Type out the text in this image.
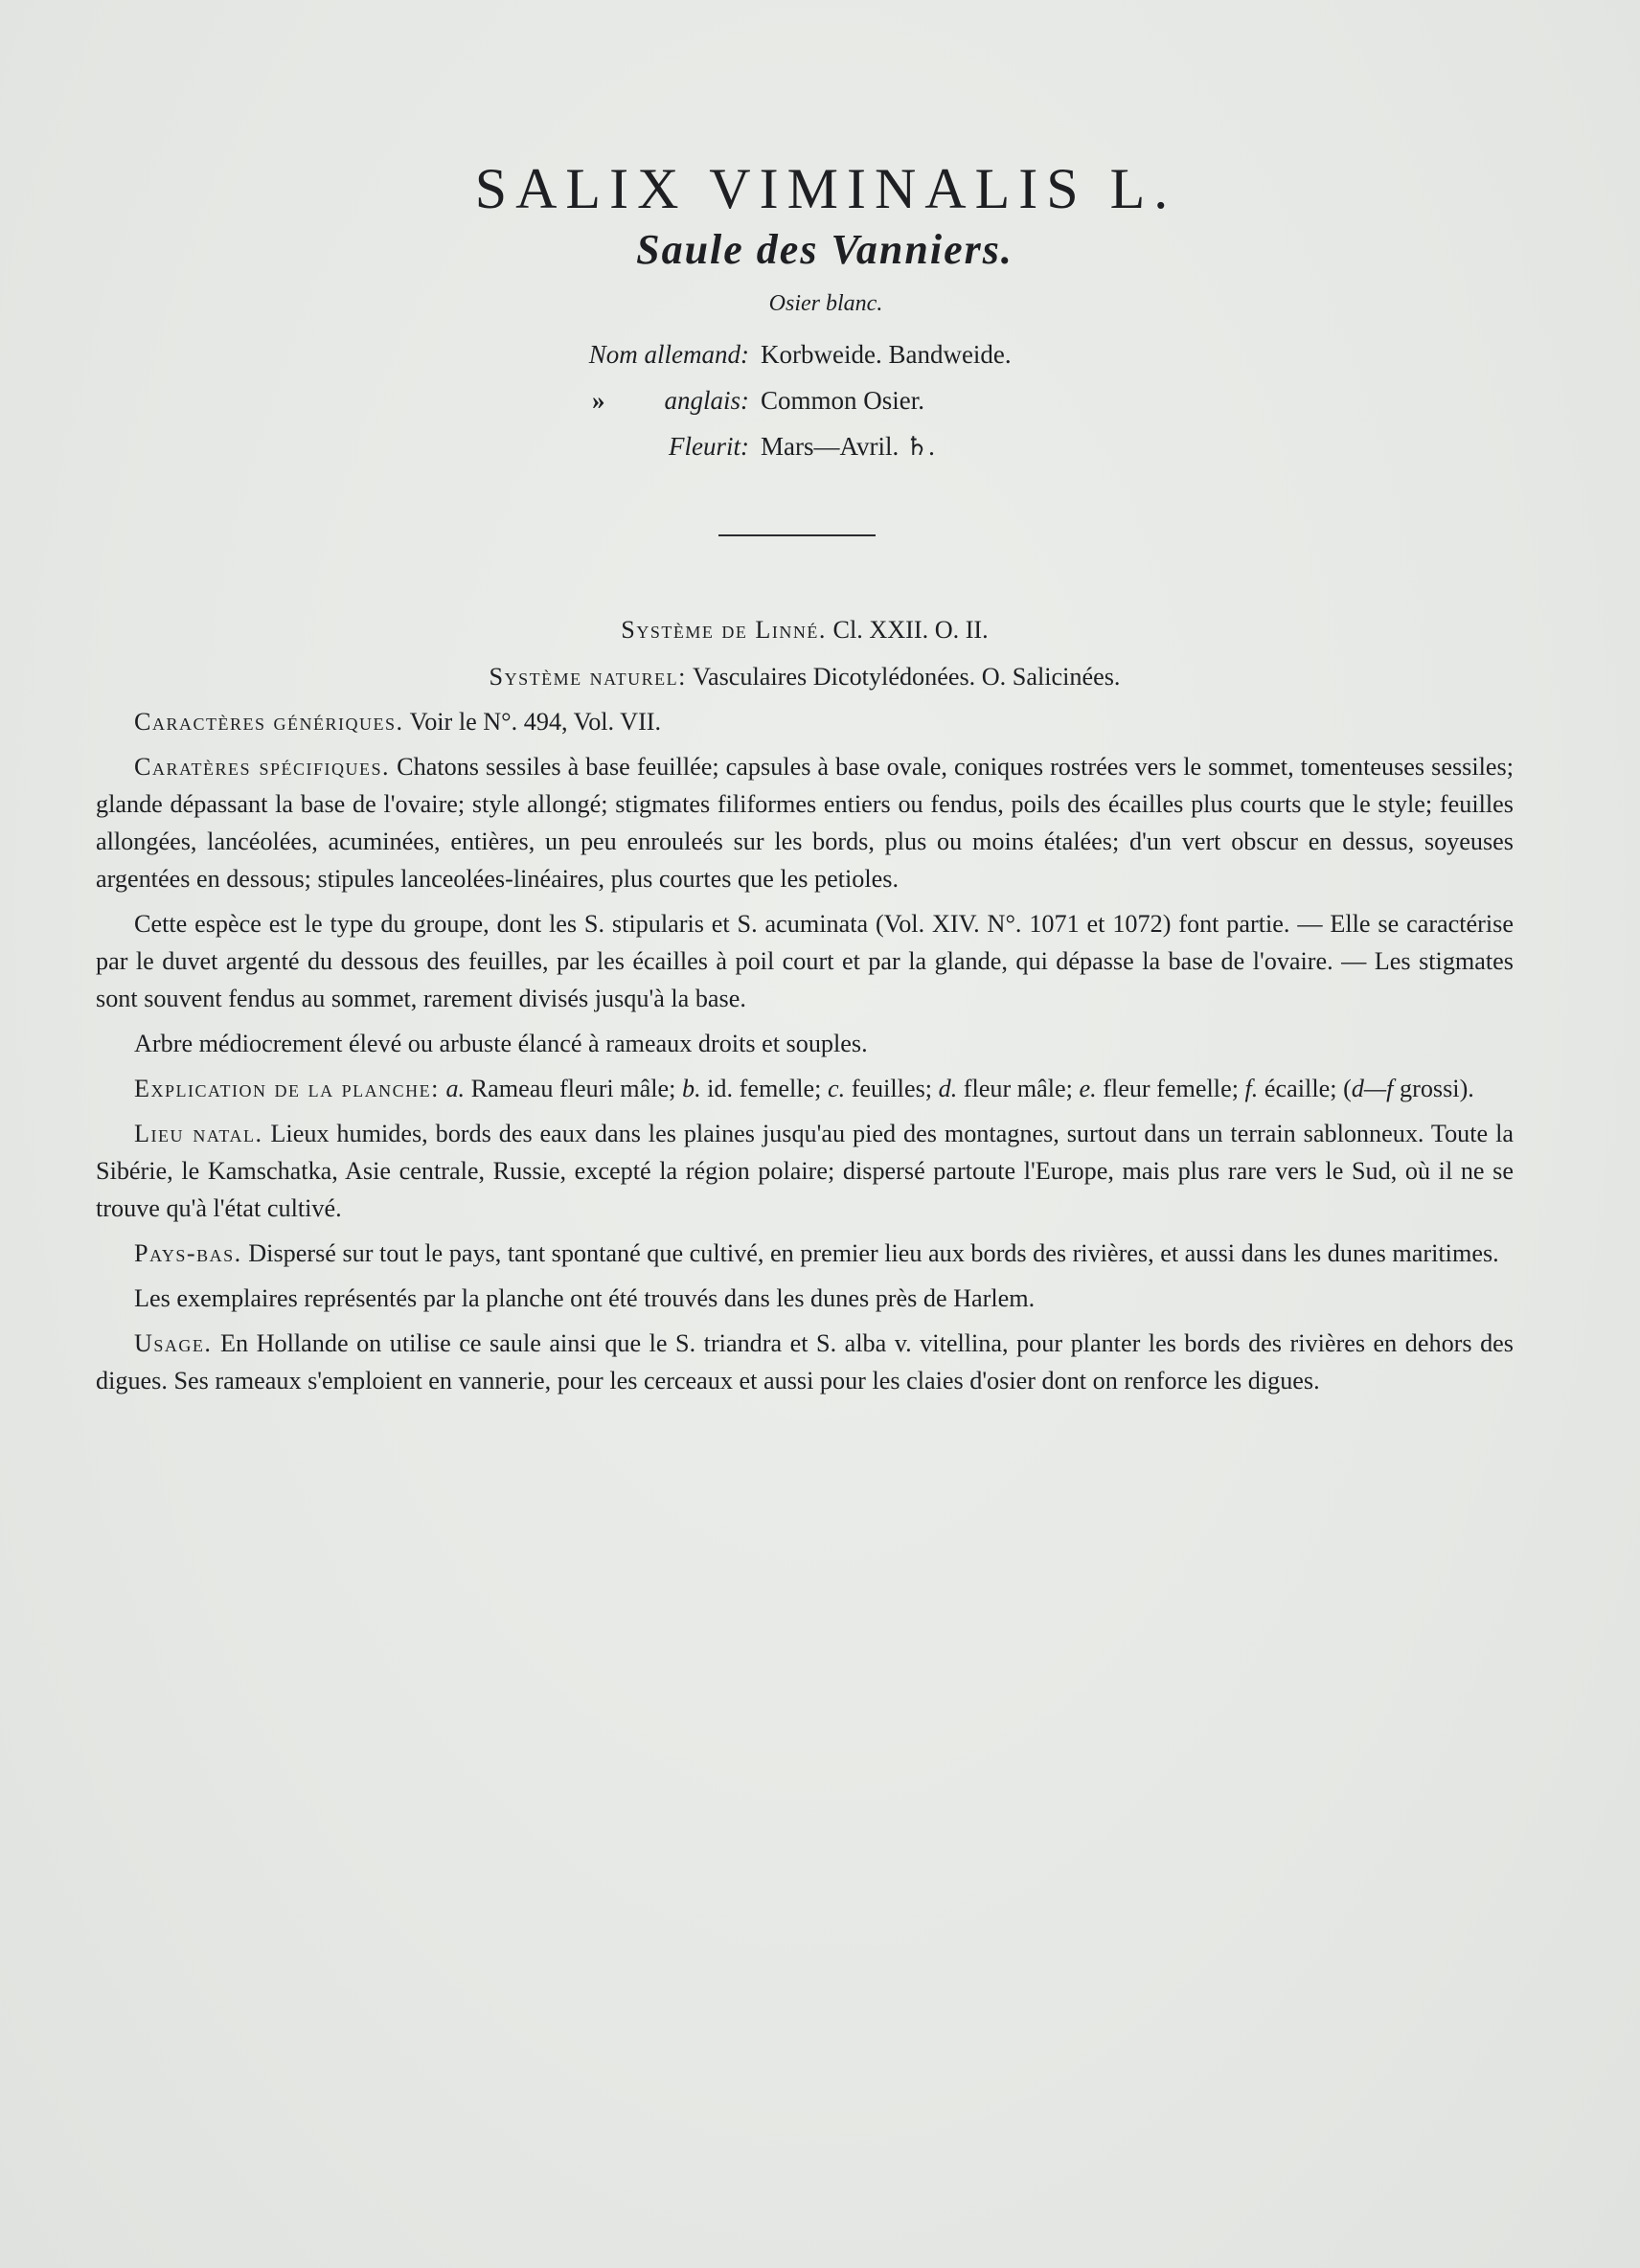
SALIX VIMINALIS L.
Saule des Vanniers.
Osier blanc.
Nom allemand: Korbweide. Bandweide.
» anglais: Common Osier.
Fleurit: Mars—Avril. ♄.
Système de Linné. Cl. XXII. O. II.
Système naturel: Vasculaires Dicotylédonées. O. Salicinées.

Caractères génériques. Voir le N°. 494, Vol. VII.

Caratères spécifiques. Chatons sessiles à base feuillée; capsules à base ovale, coniques rostrées vers le sommet, tomenteuses sessiles; glande dépassant la base de l'ovaire; style allongé; stigmates filiformes entiers ou fendus, poils des écailles plus courts que le style; feuilles allongées, lancéolées, acuminées, entières, un peu enrouleés sur les bords, plus ou moins étalées; d'un vert obscur en dessus, soyeuses argentées en dessous; stipules lanceolées-linéaires, plus courtes que les petioles.

Cette espèce est le type du groupe, dont les S. stipularis et S. acuminata (Vol. XIV. N°. 1071 et 1072) font partie. — Elle se caractérise par le duvet argenté du dessous des feuilles, par les écailles à poil court et par la glande, qui dépasse la base de l'ovaire. — Les stigmates sont souvent fendus au sommet, rarement divisés jusqu'à la base.

Arbre médiocrement élevé ou arbuste élancé à rameaux droits et souples.

Explication de la planche: a. Rameau fleuri mâle; b. id. femelle; c. feuilles; d. fleur mâle; e. fleur femelle; f. écaille; (d—f grossi).

Lieu natal. Lieux humides, bords des eaux dans les plaines jusqu'au pied des montagnes, surtout dans un terrain sablonneux. Toute la Sibérie, le Kamschatka, Asie centrale, Russie, excepté la région polaire; dispersé partoute l'Europe, mais plus rare vers le Sud, où il ne se trouve qu'à l'état cultivé.

Pays-bas. Dispersé sur tout le pays, tant spontané que cultivé, en premier lieu aux bords des rivières, et aussi dans les dunes maritimes.

Les exemplaires représentés par la planche ont été trouvés dans les dunes près de Harlem.

Usage. En Hollande on utilise ce saule ainsi que le S. triandra et S. alba v. vitellina, pour planter les bords des rivières en dehors des digues. Ses rameaux s'emploient en vannerie, pour les cerceaux et aussi pour les claies d'osier dont on renforce les digues.
